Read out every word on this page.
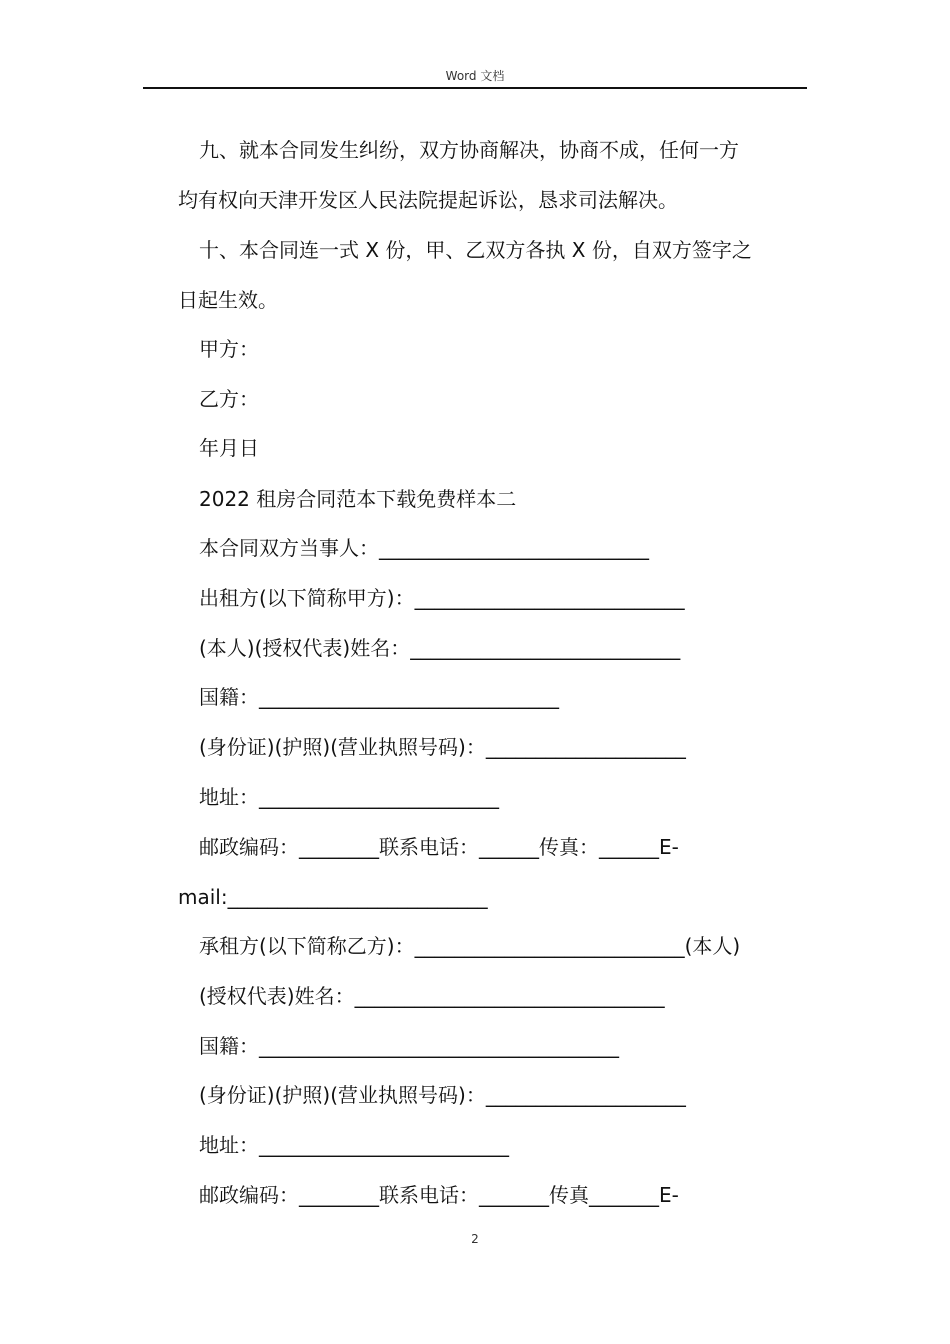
Word 文档
九、就本合同发生纠纷，双方协商解决，协商不成，任何一方
均有权向天津开发区人民法院提起诉讼，恳求司法解决。
十、本合同连一式 X 份，甲、乙双方各执 X 份，自双方签字之
日起生效。
甲方：
乙方：
年月日
2022 租房合同范本下载免费样本二
本合同双方当事人：___________________________
出租方(以下简称甲方)：___________________________
(本人)(授权代表)姓名：___________________________
国籍：______________________________
(身份证)(护照)(营业执照号码)：____________________
地址：________________________
邮政编码：________联系电话：______传真：______E-
mail:__________________________
承租方(以下简称乙方)：___________________________(本人)
(授权代表)姓名：_______________________________
国籍：____________________________________
(身份证)(护照)(营业执照号码)：____________________
地址：_________________________
邮政编码：________联系电话：_______传真_______E-
2
